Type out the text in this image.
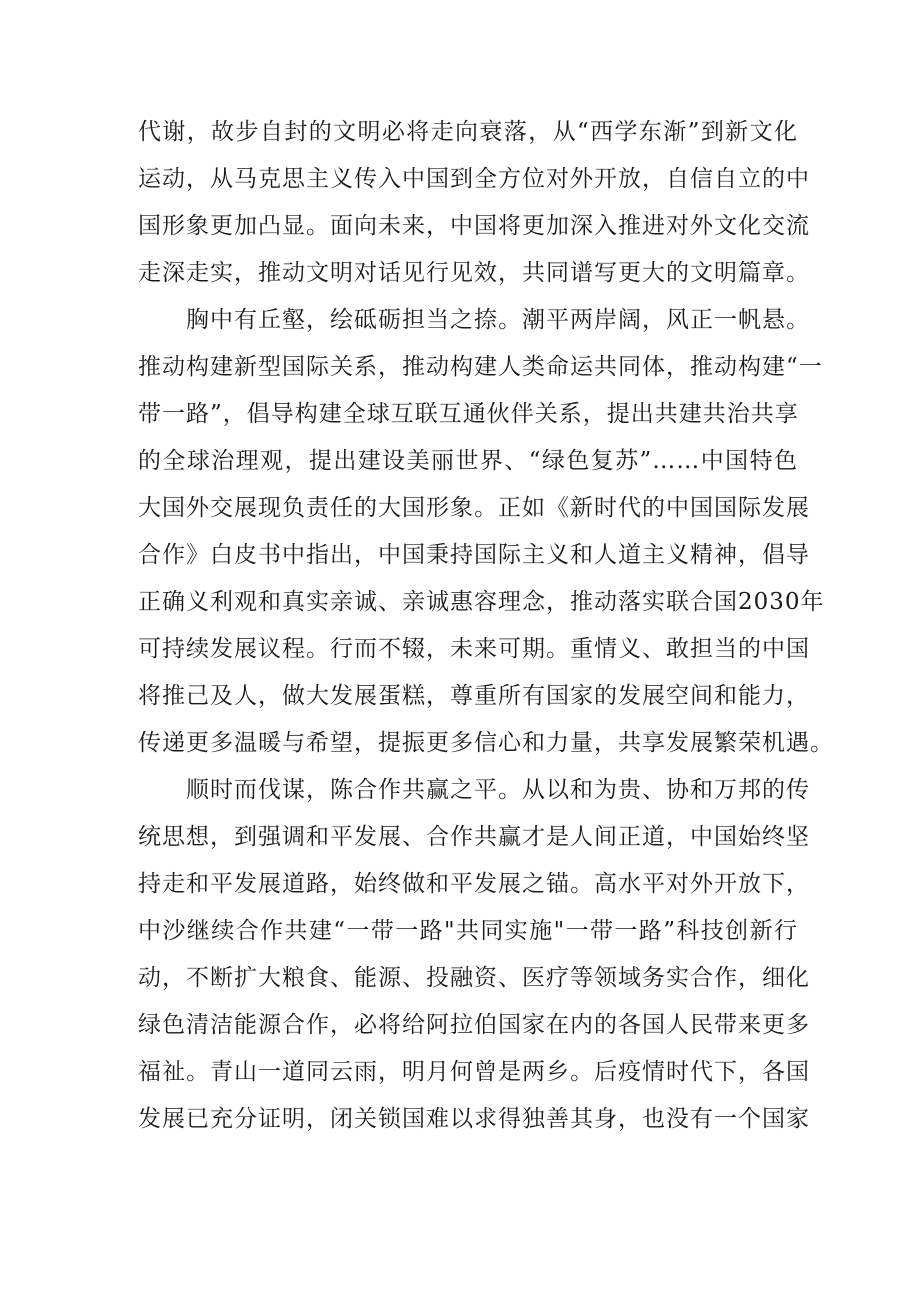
代谢，故步自封的文明必将走向衰落，从“西学东渐”到新文化
运动，从马克思主义传入中国到全方位对外开放，自信自立的中
国形象更加凸显。面向未来，中国将更加深入推进对外文化交流
走深走实，推动文明对话见行见效，共同谱写更大的文明篇章。
胸中有丘壑，绘砥砺担当之捺。潮平两岸阔，风正一帆悬。
推动构建新型国际关系，推动构建人类命运共同体，推动构建“一
带一路”，倡导构建全球互联互通伙伴关系，提出共建共治共享
的全球治理观，提出建设美丽世界、“绿色复苏”……中国特色
大国外交展现负责任的大国形象。正如《新时代的中国国际发展
合作》白皮书中指出，中国秉持国际主义和人道主义精神，倡导
正确义利观和真实亲诚、亲诚惠容理念，推动落实联合国2030年
可持续发展议程。行而不辍，未来可期。重情义、敢担当的中国
将推己及人，做大发展蛋糕，尊重所有国家的发展空间和能力，
传递更多温暖与希望，提振更多信心和力量，共享发展繁荣机遇。
顺时而伐谋，陈合作共赢之平。从以和为贵、协和万邦的传
统思想，到强调和平发展、合作共赢才是人间正道，中国始终坚
持走和平发展道路，始终做和平发展之锚。高水平对外开放下，
中沙继续合作共建“一带一路"共同实施"一带一路”科技创新行
动，不断扩大粮食、能源、投融资、医疗等领域务实合作，细化
绿色清洁能源合作，必将给阿拉伯国家在内的各国人民带来更多
福祉。青山一道同云雨，明月何曾是两乡。后疫情时代下，各国
发展已充分证明，闭关锁国难以求得独善其身，也没有一个国家
